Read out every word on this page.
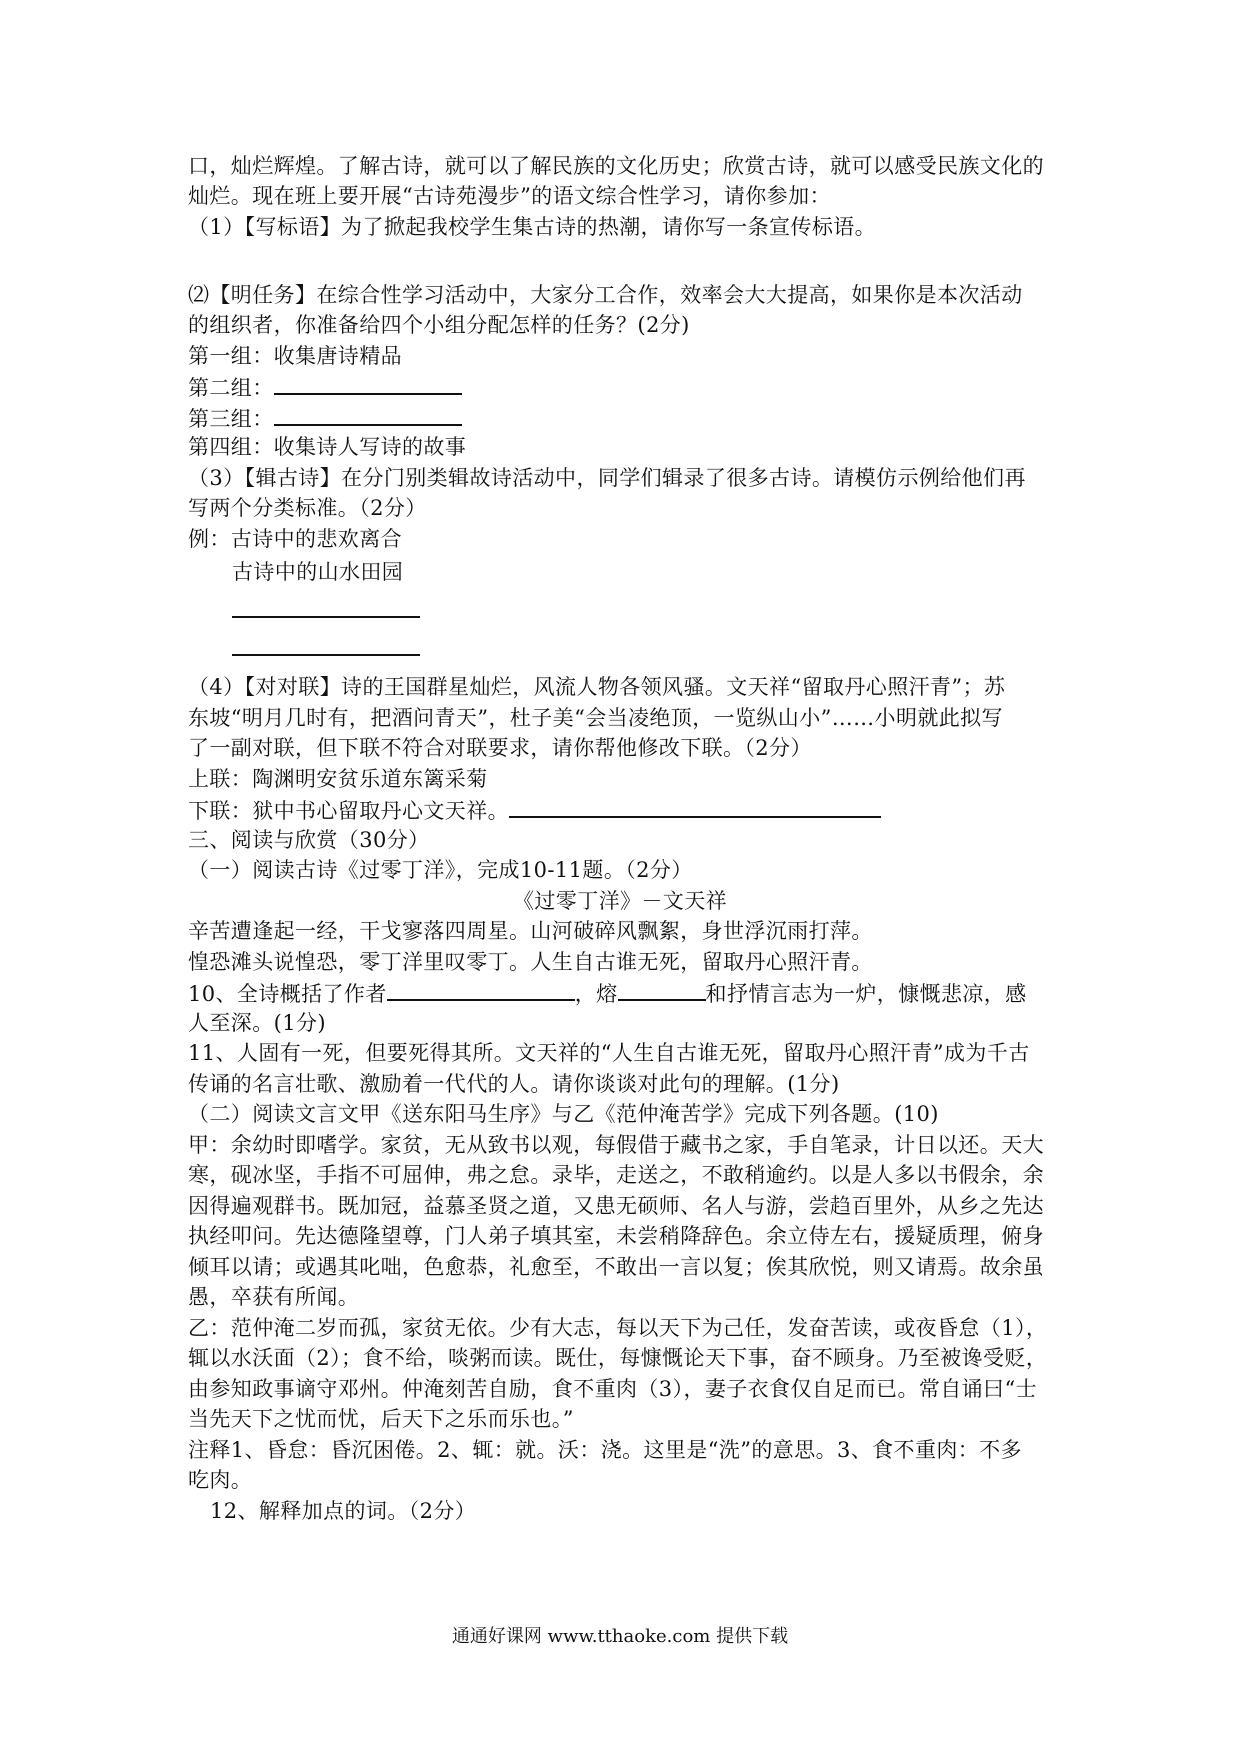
口，灿烂辉煌。了解古诗，就可以了解民族的文化历史；欣赏古诗，就可以感受民族文化的
灿烂。现在班上要开展“古诗苑漫步”的语文综合性学习，请你参加：
（1）【写标语】为了掀起我校学生集古诗的热潮，请你写一条宣传标语。
⑵【明任务】在综合性学习活动中，大家分工合作，效率会大大提高，如果你是本次活动
的组织者，你准备给四个小组分配怎样的任务？(2分)
第一组：收集唐诗精品
第二组：
第三组：
第四组：收集诗人写诗的故事
（3）【辑古诗】在分门别类辑故诗活动中，同学们辑录了很多古诗。请模仿示例给他们再
写两个分类标准。（2分）
例：古诗中的悲欢离合
古诗中的山水田园
（4）【对对联】诗的王国群星灿烂，风流人物各领风骚。文天祥“留取丹心照汗青”；苏
东坡“明月几时有，把酒问青天”，杜子美“会当凌绝顶，一览纵山小”……小明就此拟写
了一副对联，但下联不符合对联要求，请你帮他修改下联。（2分）
上联：陶渊明安贫乐道东篱采菊
下联：狱中书心留取丹心文天祥。
三、阅读与欣赏（30分）
（一）阅读古诗《过零丁洋》，完成10-11题。（2分）
《过零丁洋》－文天祥
辛苦遭逢起一经，干戈寥落四周星。山河破碎风飘絮，身世浮沉雨打萍。
惶恐滩头说惶恐，零丁洋里叹零丁。人生自古谁无死，留取丹心照汗青。
10、全诗概括了作者	，熔	和抒情言志为一炉，慷慨悲凉，感
人至深。(1分)
11、人固有一死，但要死得其所。文天祥的“人生自古谁无死，留取丹心照汗青”成为千古
传诵的名言壮歌、激励着一代代的人。请你谈谈对此句的理解。(1分)
（二）阅读文言文甲《送东阳马生序》与乙《范仲淹苦学》完成下列各题。(10)
甲：余幼时即嗜学。家贫，无从致书以观，每假借于藏书之家，手自笔录，计日以还。天大
寒，砚冰坚，手指不可屈伸，弗之怠。录毕，走送之，不敢稍逾约。以是人多以书假余，余
因得遍观群书。既加冠，益慕圣贤之道，又患无硕师、名人与游，尝趋百里外，从乡之先达
执经叩问。先达德隆望尊，门人弟子填其室，未尝稍降辞色。余立侍左右，援疑质理，俯身
倾耳以请；或遇其叱咄，色愈恭，礼愈至，不敢出一言以复；俟其欣悦，则又请焉。故余虽
愚，卒获有所闻。
乙：范仲淹二岁而孤，家贫无依。少有大志，每以天下为己任，发奋苦读，或夜昏怠（1），
辄以水沃面（2）；食不给，啖粥而读。既仕，每慷慨论天下事，奋不顾身。乃至被谗受贬，
由参知政事谪守邓州。仲淹刻苦自励，食不重肉（3），妻子衣食仅自足而已。常自诵曰“士
当先天下之忧而忧，后天下之乐而乐也。”
注释1、昏怠：昏沉困倦。2、辄：就。沃：浇。这里是“洗”的意思。3、食不重肉：不多
吃肉。
12、解释加点的词。（2分）
通通好课网 www.tthaoke.com 提供下载
